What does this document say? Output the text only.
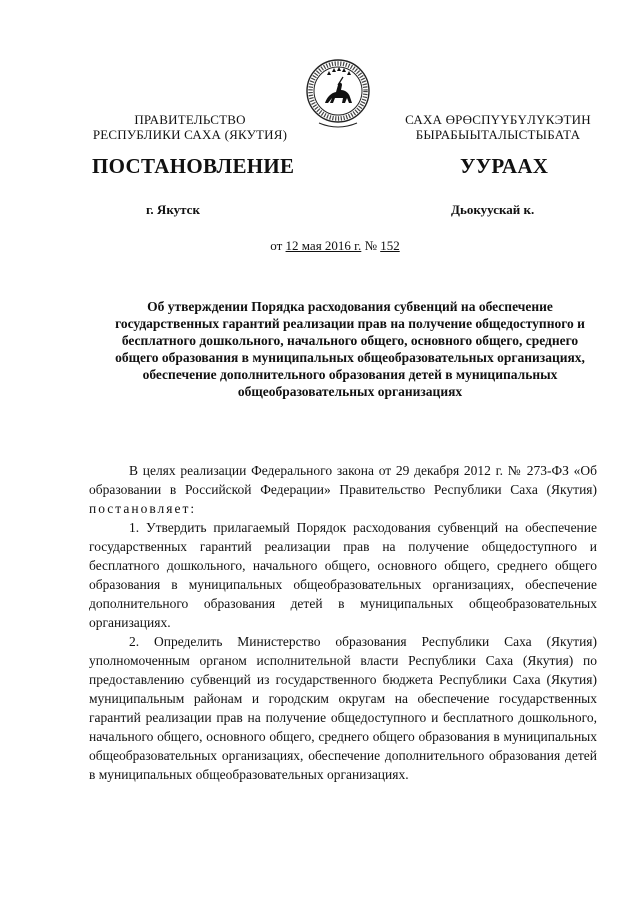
ПРАВИТЕЛЬСТВО
РЕСПУБЛИКИ САХА (ЯКУТИЯ)
САХА ӨРӨСПҮҮБҮЛҮКЭТИН
БЫРАБЫЫТАЛЫСТЫБАТА
ПОСТАНОВЛЕНИЕ	УУРААХ
г. Якутск	Дьокуускай к.
от 12 мая 2016 г. № 152
Об утверждении Порядка расходования субвенций на обеспечение государственных гарантий реализации прав на получение общедоступного и бесплатного дошкольного, начального общего, основного общего, среднего общего образования в муниципальных общеобразовательных организациях, обеспечение дополнительного образования детей в муниципальных общеобразовательных организациях

В целях реализации Федерального закона от 29 декабря 2012 г. № 273-ФЗ «Об образовании в Российской Федерации» Правительство Республики Саха (Якутия) постановляет:

1. Утвердить прилагаемый Порядок расходования субвенций на обеспечение государственных гарантий реализации прав на получение общедоступного и бесплатного дошкольного, начального общего, основного общего, среднего общего образования в муниципальных общеобразовательных организациях, обеспечение дополнительного образования детей в муниципальных общеобразовательных организациях.

2. Определить Министерство образования Республики Саха (Якутия) уполномоченным органом исполнительной власти Республики Саха (Якутия) по предоставлению субвенций из государственного бюджета Республики Саха (Якутия) муниципальным районам и городским округам на обеспечение государственных гарантий реализации прав на получение общедоступного и бесплатного дошкольного, начального общего, основного общего, среднего общего образования в муниципальных общеобразовательных организациях, обеспечение дополнительного образования детей в муниципальных общеобразовательных организациях.
